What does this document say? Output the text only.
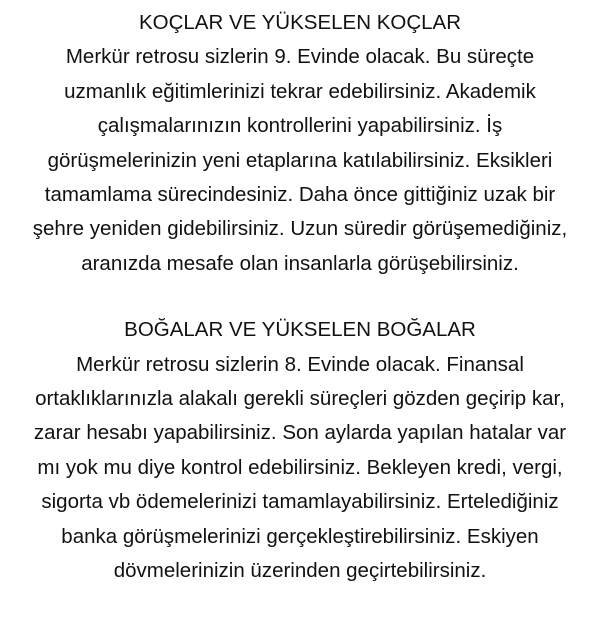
KOÇLAR VE YÜKSELEN KOÇLAR
Merkür retrosu sizlerin 9. Evinde olacak. Bu süreçte
uzmanlık eğitimlerinizi tekrar edebilirsiniz. Akademik
çalışmalarınızın kontrollerini yapabilirsiniz. İş
görüşmelerinizin yeni etaplarına katılabilirsiniz. Eksikleri
tamamlama sürecindesiniz. Daha önce gittiğiniz uzak bir
şehre yeniden gidebilirsiniz. Uzun süredir görüşemediğiniz,
aranızda mesafe olan insanlarla görüşebilirsiniz.
BOĞALAR VE YÜKSELEN BOĞALAR
Merkür retrosu sizlerin 8. Evinde olacak. Finansal
ortaklıklarınızla alakalı gerekli süreçleri gözden geçirip kar,
zarar hesabı yapabilirsiniz. Son aylarda yapılan hatalar var
mı yok mu diye kontrol edebilirsiniz. Bekleyen kredi, vergi,
sigorta vb ödemelerinizi tamamlayabilirsiniz. Ertelediğiniz
banka görüşmelerinizi gerçekleştirebilirsiniz. Eskiyen
dövmelerinizin üzerinden geçirtebilirsiniz.
